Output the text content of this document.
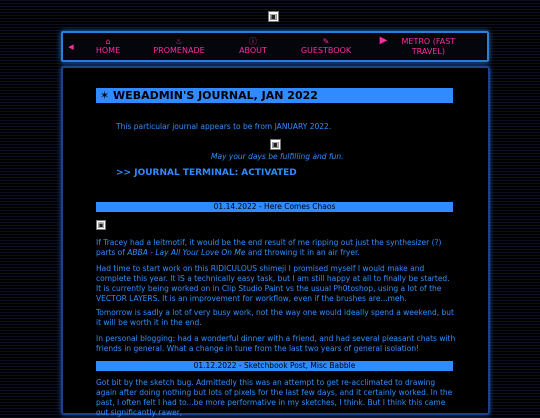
▣
◀
⌂
HOME
♨
PROMENADE
ⓘ
ABOUT
✎
GUESTBOOK
▶	METRO (FAST TRAVEL)
✶ WEBADMIN'S JOURNAL, JAN 2022
This particular journal appears to be from JANUARY 2022.
▣
May your days be fulfilling and fun.
>> JOURNAL TERMINAL: ACTIVATED
01.14.2022 - Here Comes Chaos
▣

If Tracey had a leitmotif, it would be the end result of me ripping out just the synthesizer (?) parts of ABBA - Lay All Your Love On Me and throwing it in an air fryer.

Had time to start work on this RIDICULOUS shimeji I promised myself I would make and complete this year. It IS a technically easy task, but I am still happy at all to finally be started. It is currently being worked on in Clip Studio Paint vs the usual Ph0toshop, using a lot of the VECTOR LAYERS. It is an improvement for workflow, even if the brushes are...meh.

Tomorrow is sadly a lot of very busy work, not the way one would ideally spend a weekend, but it will be worth it in the end.

In personal blogging: had a wonderful dinner with a friend, and had several pleasant chats with friends in general. What a change in tune from the last two years of general isolation!

01.12.2022 - Sketchbook Post, Misc Babble

Got bit by the sketch bug. Admittedly this was an attempt to get re-acclimated to drawing again after doing nothing but lots of pixels for the last few days, and it certainly worked. In the past, I often felt I had to...be more performative in my sketches, I think. But I think this came out significantly rawer,
